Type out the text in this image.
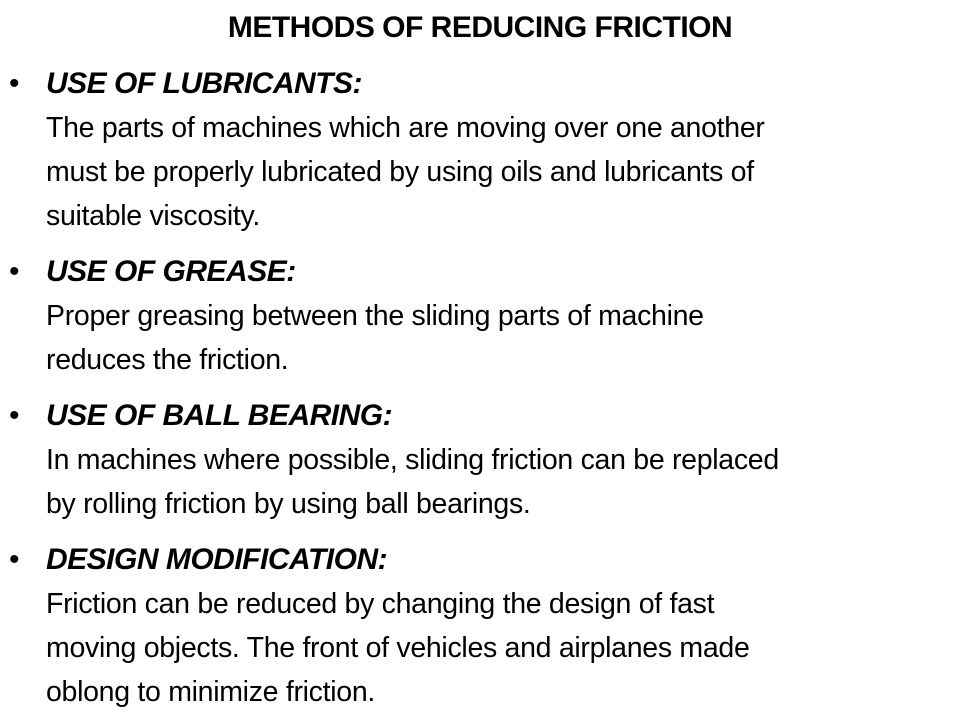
METHODS OF REDUCING FRICTION
• USE OF LUBRICANTS:
The parts of machines which are moving over one another
must be properly lubricated by using oils and lubricants of
suitable viscosity.
• USE OF GREASE:
Proper greasing between the sliding parts of machine
reduces the friction.
• USE OF BALL BEARING:
In machines where possible, sliding friction can be replaced
by rolling friction by using ball bearings.
• DESIGN MODIFICATION:
Friction can be reduced by changing the design of fast
moving objects. The front of vehicles and airplanes made
oblong to minimize friction.
